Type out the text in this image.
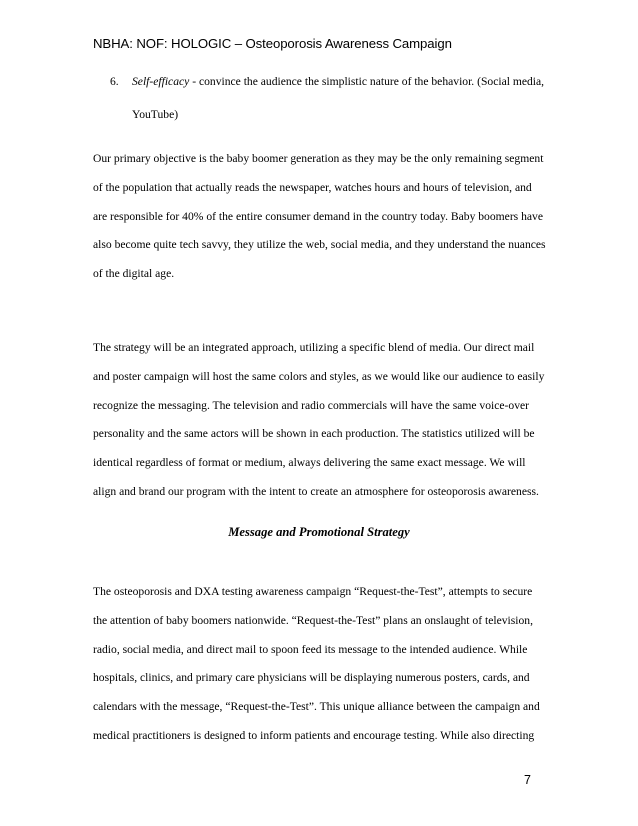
NBHA: NOF: HOLOGIC – Osteoporosis Awareness Campaign
6. Self-efficacy - convince the audience the simplistic nature of the behavior. (Social media,
YouTube)

Our primary objective is the baby boomer generation as they may be the only remaining segment
of the population that actually reads the newspaper, watches hours and hours of television, and
are responsible for 40% of the entire consumer demand in the country today. Baby boomers have
also become quite tech savvy, they utilize the web, social media, and they understand the nuances
of the digital age.

The strategy will be an integrated approach, utilizing a specific blend of media. Our direct mail
and poster campaign will host the same colors and styles, as we would like our audience to easily
recognize the messaging. The television and radio commercials will have the same voice-over
personality and the same actors will be shown in each production. The statistics utilized will be
identical regardless of format or medium, always delivering the same exact message. We will
align and brand our program with the intent to create an atmosphere for osteoporosis awareness.

Message and Promotional Strategy

The osteoporosis and DXA testing awareness campaign “Request-the-Test”, attempts to secure
the attention of baby boomers nationwide. “Request-the-Test” plans an onslaught of television,
radio, social media, and direct mail to spoon feed its message to the intended audience. While
hospitals, clinics, and primary care physicians will be displaying numerous posters, cards, and
calendars with the message, “Request-the-Test”. This unique alliance between the campaign and
medical practitioners is designed to inform patients and encourage testing. While also directing

7
